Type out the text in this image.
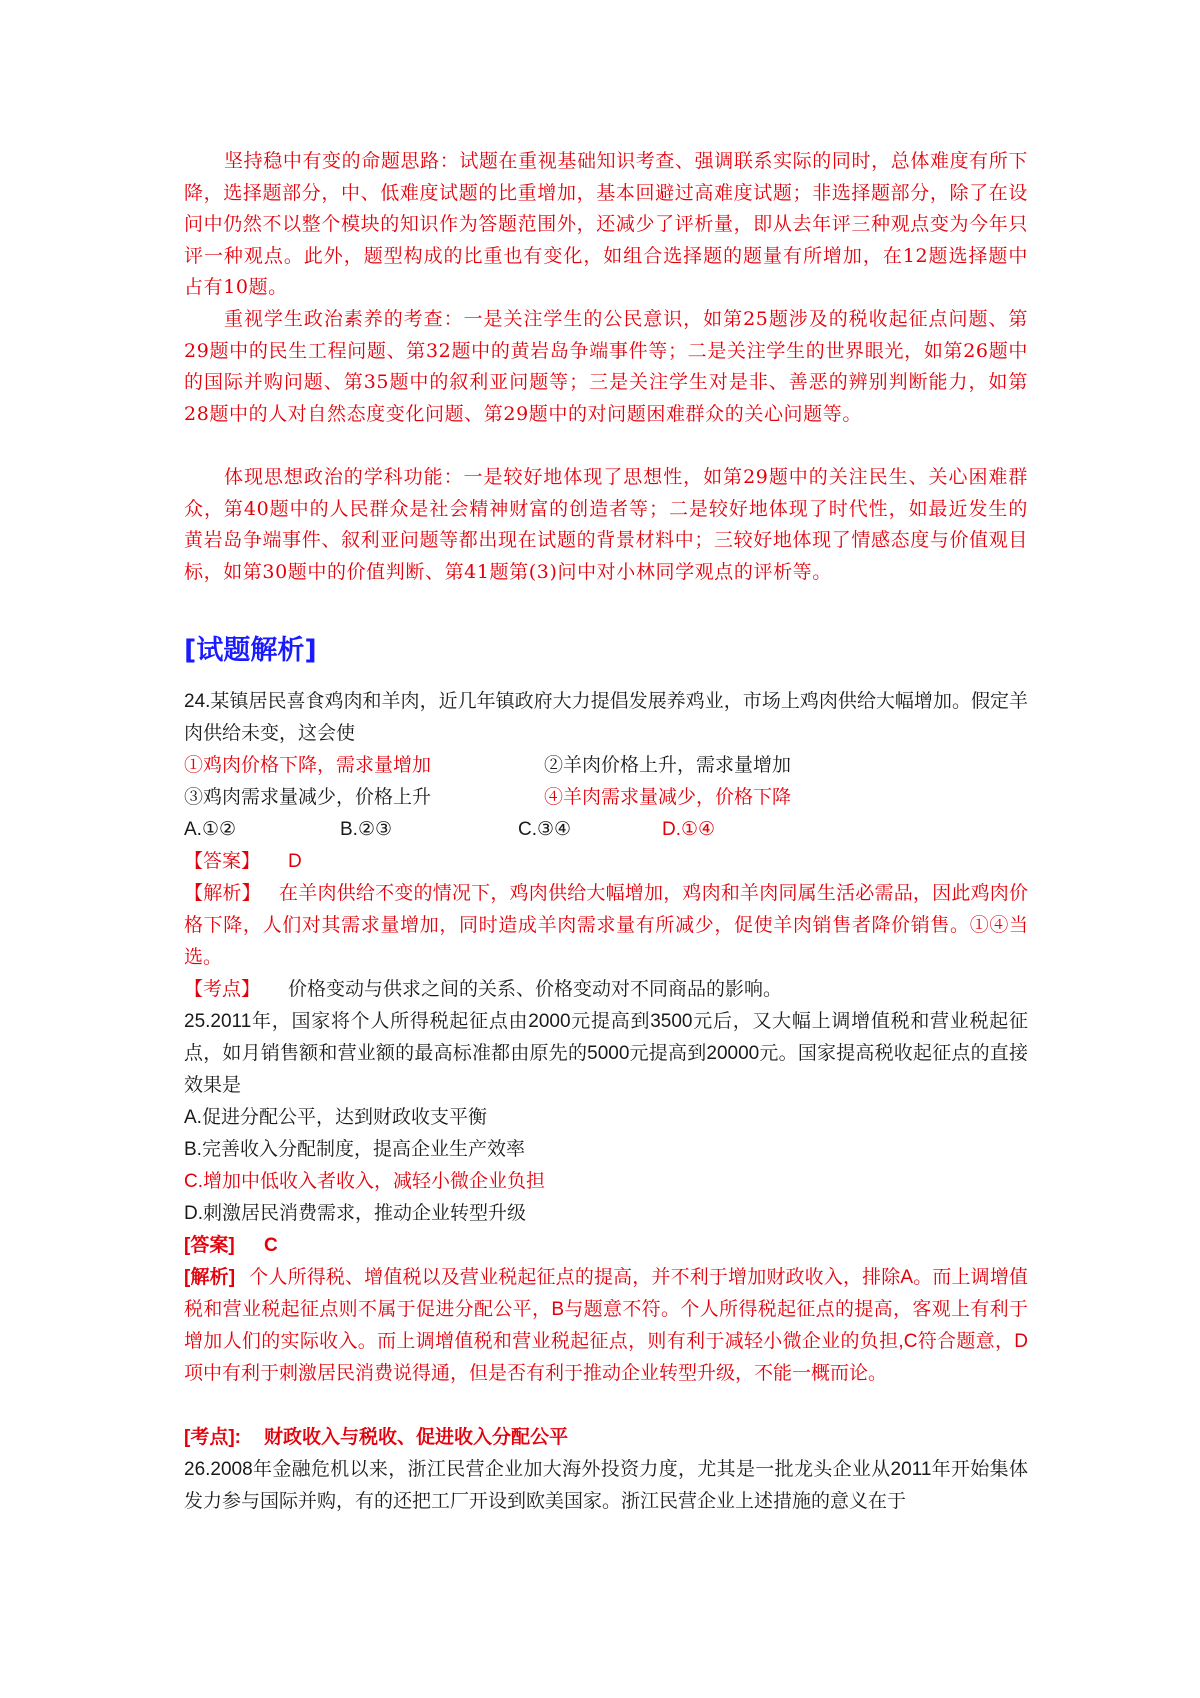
坚持稳中有变的命题思路：试题在重视基础知识考查、强调联系实际的同时，总体难度有所下降，选择题部分，中、低难度试题的比重增加，基本回避过高难度试题；非选择题部分，除了在设问中仍然不以整个模块的知识作为答题范围外，还减少了评析量，即从去年评三种观点变为今年只评一种观点。此外，题型构成的比重也有变化，如组合选择题的题量有所增加，在12题选择题中占有10题。

重视学生政治素养的考查：一是关注学生的公民意识，如第25题涉及的税收起征点问题、第29题中的民生工程问题、第32题中的黄岩岛争端事件等；二是关注学生的世界眼光，如第26题中的国际并购问题、第35题中的叙利亚问题等；三是关注学生对是非、善恶的辨别判断能力，如第28题中的人对自然态度变化问题、第29题中的对问题困难群众的关心问题等。

体现思想政治的学科功能：一是较好地体现了思想性，如第29题中的关注民生、关心困难群众，第40题中的人民群众是社会精神财富的创造者等；二是较好地体现了时代性，如最近发生的黄岩岛争端事件、叙利亚问题等都出现在试题的背景材料中；三较好地体现了情感态度与价值观目标，如第30题中的价值判断、第41题第(3)问中对小林同学观点的评析等。

[试题解析]

24.某镇居民喜食鸡肉和羊肉，近几年镇政府大力提倡发展养鸡业，市场上鸡肉供给大幅增加。假定羊肉供给未变，这会使

①鸡肉价格下降，需求量增加	②羊肉价格上升，需求量增加
③鸡肉需求量减少，价格上升	④羊肉需求量减少，价格下降
A.①②	B.②③	C.③④	D.①④
【答案】 D

【解析】 在羊肉供给不变的情况下，鸡肉供给大幅增加，鸡肉和羊肉同属生活必需品，因此鸡肉价格下降，人们对其需求量增加，同时造成羊肉需求量有所减少，促使羊肉销售者降价销售。①④当选。

【考点】 价格变动与供求之间的关系、价格变动对不同商品的影响。

25.2011年，国家将个人所得税起征点由2000元提高到3500元后，又大幅上调增值税和营业税起征点，如月销售额和营业额的最高标准都由原先的5000元提高到20000元。国家提高税收起征点的直接效果是

A.促进分配公平，达到财政收支平衡
B.完善收入分配制度，提高企业生产效率
C.增加中低收入者收入，减轻小微企业负担
D.刺激居民消费需求，推动企业转型升级
[答案] C

[解析] 个人所得税、增值税以及营业税起征点的提高，并不利于增加财政收入，排除A。而上调增值税和营业税起征点则不属于促进分配公平，B与题意不符。个人所得税起征点的提高，客观上有利于增加人们的实际收入。而上调增值税和营业税起征点，则有利于减轻小微企业的负担,C符合题意，D项中有利于刺激居民消费说得通，但是否有利于推动企业转型升级，不能一概而论。

[考点]: 财政收入与税收、促进收入分配公平

26.2008年金融危机以来，浙江民营企业加大海外投资力度，尤其是一批龙头企业从2011年开始集体发力参与国际并购，有的还把工厂开设到欧美国家。浙江民营企业上述措施的意义在于
